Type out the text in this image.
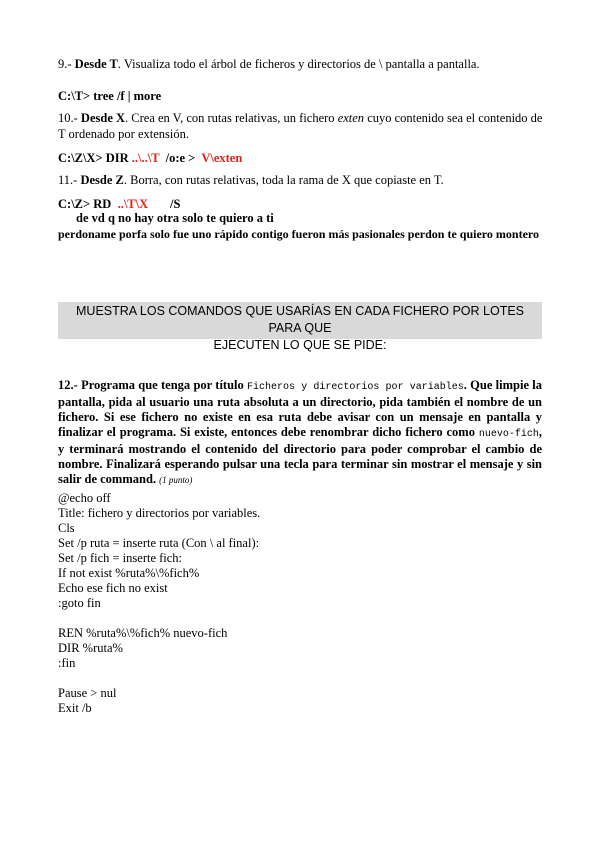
9.- Desde T. Visualiza todo el árbol de ficheros y directorios de \ pantalla a pantalla.
C:\T> tree /f | more
10.- Desde X. Crea en V, con rutas relativas, un fichero exten cuyo contenido sea el contenido de T ordenado por extensión.
C:\Z\X> DIR ..\..\T  /o:e >  V\exten
11.- Desde Z. Borra, con rutas relativas, toda la rama de X que copiaste en T.
C:\Z> RD  ..\T\X       /S
de vd q no hay otra solo te quiero a ti
perdoname porfa solo fue uno rápido contigo fueron más pasionales perdon te quiero montero
MUESTRA LOS COMANDOS QUE USARÍAS EN CADA FICHERO POR LOTES PARA QUE
EJECUTEN LO QUE SE PIDE:
12.- Programa que tenga por título Ficheros y directorios por variables. Que limpie la pantalla, pida al usuario una ruta absoluta a un directorio, pida también el nombre de un fichero. Si ese fichero no existe en esa ruta debe avisar con un mensaje en pantalla y finalizar el programa. Si existe, entonces debe renombrar dicho fichero como nuevo-fich, y terminará mostrando el contenido del directorio para poder comprobar el cambio de nombre. Finalizará esperando pulsar una tecla para terminar sin mostrar el mensaje y sin salir de command. (1 punto)
@echo off
Title: fichero y directorios por variables.
Cls
Set /p ruta = inserte ruta (Con \ al final):
Set /p fich = inserte fich:
If not exist %ruta%\%fich%
Echo ese fich no exist
:goto fin
REN %ruta%\%fich% nuevo-fich
DIR %ruta%
:fin
Pause > nul
Exit /b
